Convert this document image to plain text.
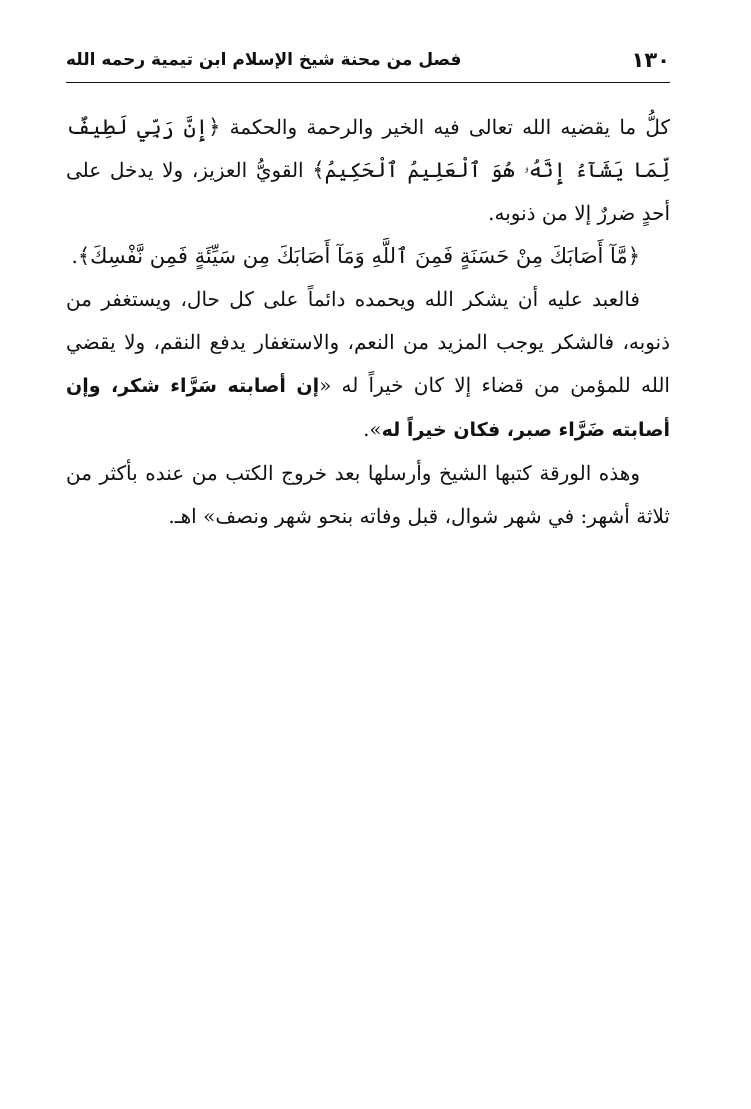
١٣٠
فصل من محنة شيخ الإسلام ابن تيمية رحمه الله

كلُّ ما يقضيه الله تعالى فيه الخير والرحمة والحكمة ﴿إِنَّ رَبِّي لَطِيفٌ لِّمَا يَشَآءُ إِنَّهُۥ هُوَ ٱلْعَلِيمُ ٱلْحَكِيمُ﴾ القويُّ العزيز، ولا يدخل على أحدٍ ضررٌ إلا من ذنوبه.

﴿مَّآ أَصَابَكَ مِنْ حَسَنَةٍ فَمِنَ ٱللَّهِ وَمَآ أَصَابَكَ مِن سَيِّئَةٍ فَمِن نَّفْسِكَ﴾.

فالعبد عليه أن يشكر الله ويحمده دائماً على كل حال، ويستغفر من ذنوبه، فالشكر يوجب المزيد من النعم، والاستغفار يدفع النقم، ولا يقضي الله للمؤمن من قضاء إلا كان خيراً له «إن أصابته سَرَّاء شكر، وإن أصابته ضَرَّاء صبر، فكان خيراً له».

وهذه الورقة كتبها الشيخ وأرسلها بعد خروج الكتب من عنده بأكثر من ثلاثة أشهر: في شهر شوال، قبل وفاته بنحو شهر ونصف» اهـ.
